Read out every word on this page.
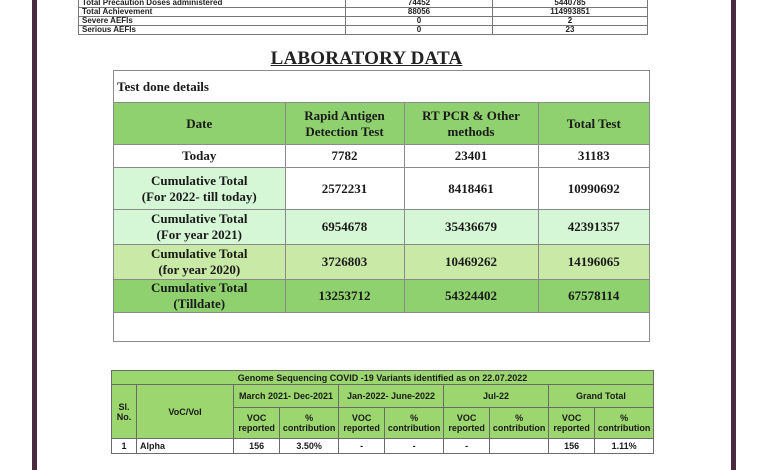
Total Precaution Doses administered	74452	5440785
Total Achievement	88056	114993851
Severe AEFIs	0	2
Serious AEFIs	0	23
LABORATORY DATA
Test done details			
Date	Rapid Antigen Detection Test	RT PCR & Other methods	Total Test
Today	7782	23401	31183

Cumulative Total
(For 2022- till today)	2572231	8418461	10990692

Cumulative Total
(For year 2021)	6954678	35436679	42391357

Cumulative Total
(for year 2020)	3726803	10469262	14196065

Cumulative Total
(Tilldate)	13253712	54324402	67578114

Genome Sequencing COVID -19 Variants identified as on 22.07.2022									
Sl. No.	VoC/VoI	March 2021- Dec-2021		Jan-2022- June-2022		Jul-22		Grand Total	
		VOC reported	% contribution	VOC reported	% contribution	VOC reported	% contribution	VOC reported	% contribution
1	Alpha	156	3.50%	-	-	-		156	1.11%
